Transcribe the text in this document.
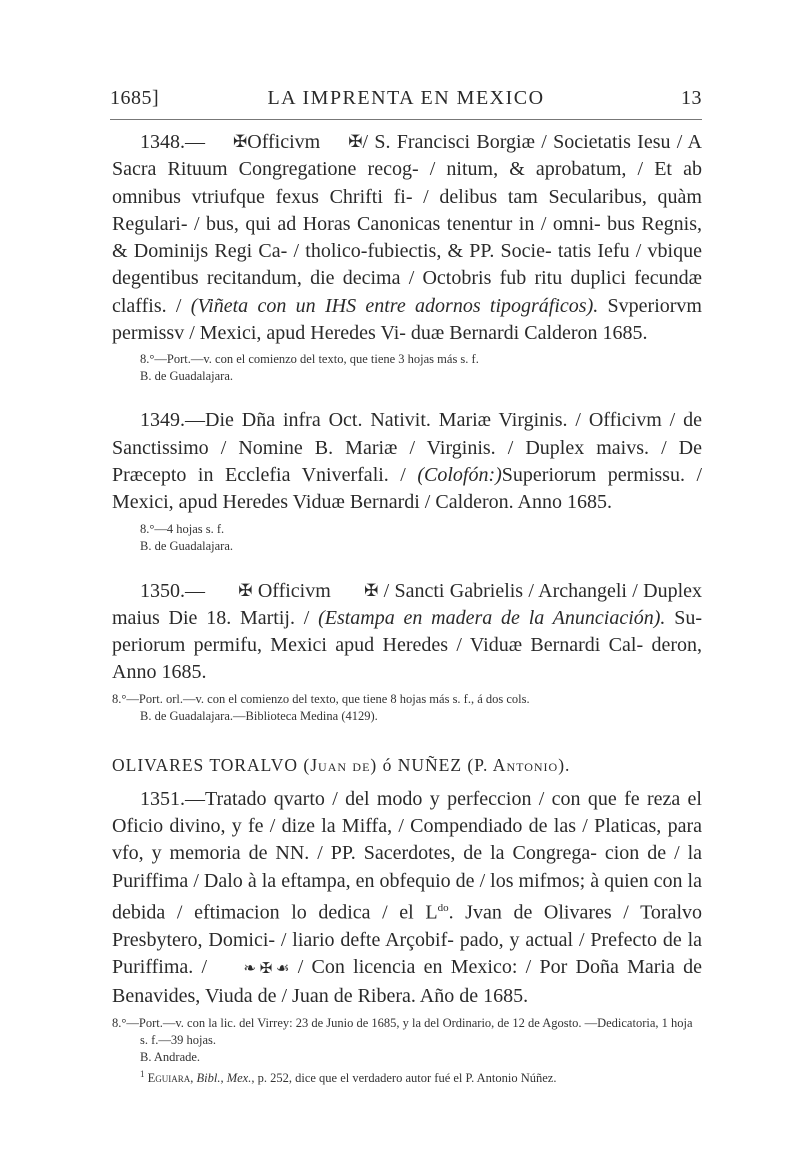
1685]	LA IMPRENTA EN MEXICO	13

1348.— ✠Officivm ✠/ S. Francisci Borgiæ / Societatis Iesu / A Sacra Rituum Congregatione recog- / nitum, & aprobatum, / Et ab omnibus vtriufque fexus Chrifti fi- / delibus tam Secularibus, quàm Regulari- / bus, qui ad Horas Canonicas tenentur in / omni- bus Regnis, & Dominijs Regi Ca- / tholico-fubiectis, & PP. Socie- tatis Iefu / vbique degentibus recitandum, die decima / Octobris fub ritu duplici fecundæ claffis. / (Viñeta con un IHS entre adornos tipográficos). Svperiorvm permissv / Mexici, apud Heredes Vi- duæ Bernardi Calderon 1685.

8.°—Port.—v. con el comienzo del texto, que tiene 3 hojas más s. f.

B. de Guadalajara.

1349.—Die Dña infra Oct. Nativit. Mariæ Virginis. / Officivm / de Sanctissimo / Nomine B. Mariæ / Virginis. / Duplex maivs. / De Præcepto in Ecclefia Vniverfali. / (Colofón:)Superiorum permissu. / Mexici, apud Heredes Viduæ Bernardi / Calderon. Anno 1685.

8.°—4 hojas s. f.

B. de Guadalajara.

1350.— ✠ Officivm ✠ / Sancti Gabrielis / Archangeli / Duplex maius Die 18. Martij. / (Estampa en madera de la Anunciación). Su- periorum permifu, Mexici apud Heredes / Viduæ Bernardi Cal- deron, Anno 1685.

8.°—Port. orl.—v. con el comienzo del texto, que tiene 8 hojas más s. f., á dos cols.

B. de Guadalajara.—Biblioteca Medina (4129).

OLIVARES TORALVO (Juan de) ó NUÑEZ (P. Antonio).

1351.—Tratado qvarto / del modo y perfeccion / con que fe reza el Oficio divino, y fe / dize la Miffa, / Compendiado de las / Platicas, para vfo, y memoria de NN. / PP. Sacerdotes, de la Congrega- cion de / la Puriffima / Dalo à la eftampa, en obfequio de / los mifmos; à quien con la debida / eftimacion lo dedica / el $L^{do}$. Jvan de Olivares / Toralvo Presbytero, Domici- / liario defte Arçobif- pado, y actual / Prefecto de la Puriffima. / ❧ ✠ ☙ / Con licencia en Mexico: / Por Doña Maria de Benavides, Viuda de / Juan de Ribera. Año de 1685.

8.°—Port.—v. con la lic. del Virrey: 23 de Junio de 1685, y la del Ordinario, de 12 de Agosto. —Dedicatoria, 1 hoja s. f.—39 hojas.

B. Andrade.

$^1$ Eguiara, Bibl., Mex., p. 252, dice que el verdadero autor fué el P. Antonio Núñez.
